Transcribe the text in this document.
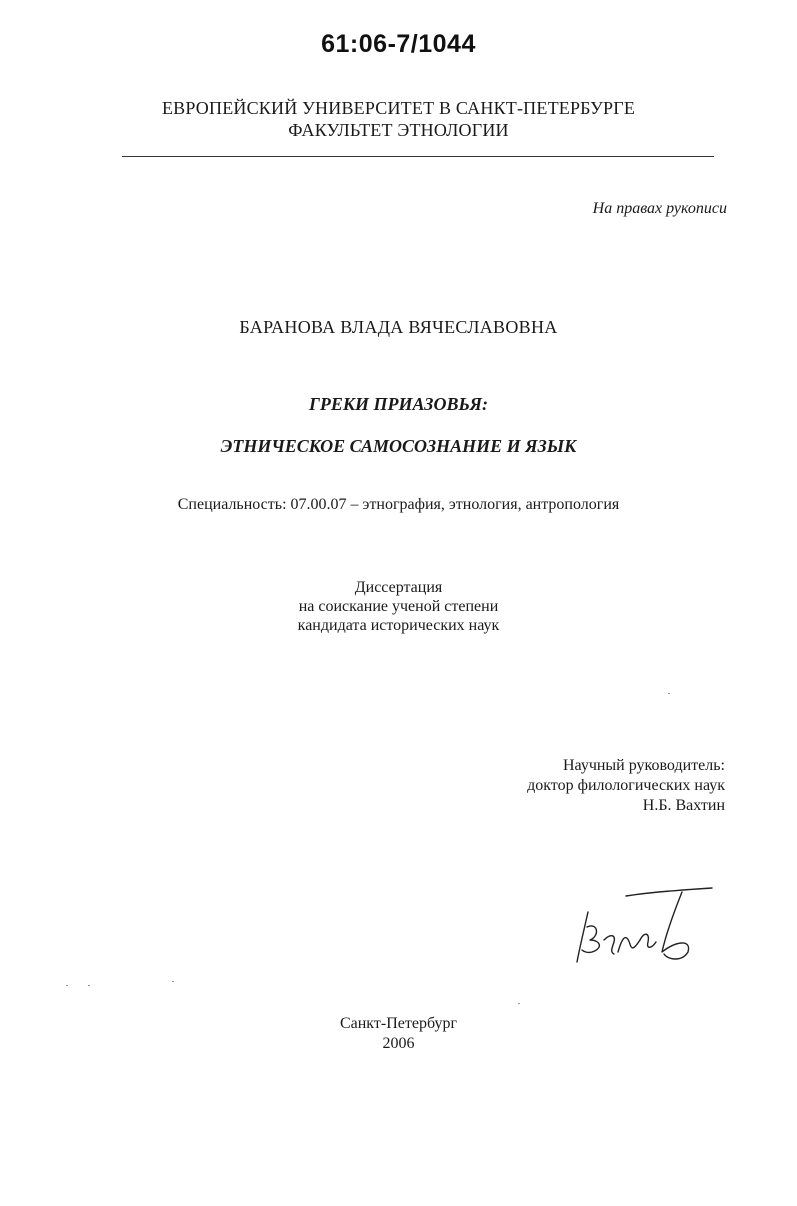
61:06-7/1044
ЕВРОПЕЙСКИЙ УНИВЕРСИТЕТ В САНКТ-ПЕТЕРБУРГЕ
ФАКУЛЬТЕТ ЭТНОЛОГИИ
На правах рукописи
БАРАНОВА ВЛАДА ВЯЧЕСЛАВОВНА
ГРЕКИ ПРИАЗОВЬЯ:
ЭТНИЧЕСКОЕ САМОСОЗНАНИЕ И ЯЗЫК
Специальность: 07.00.07 – этнография, этнология, антропология
Диссертация
на соискание ученой степени
кандидата исторических наук
Научный руководитель:
доктор филологических наук
Н.Б. Вахтин
Санкт-Петербург
2006
